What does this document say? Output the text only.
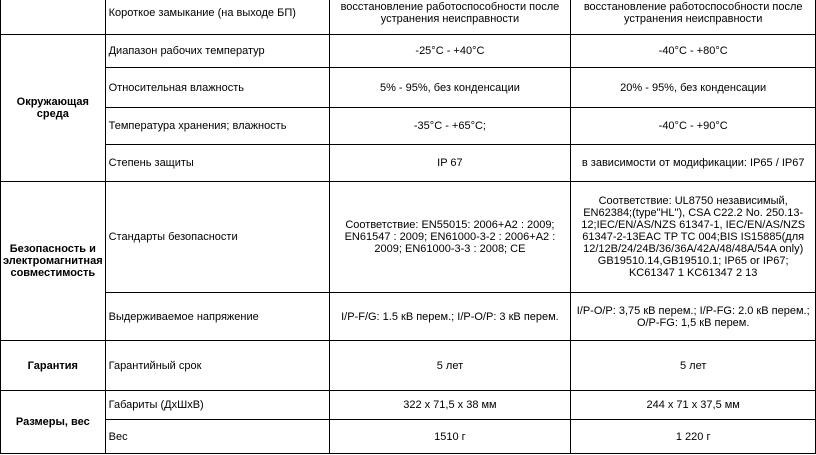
	Короткое замыкание (на выходе БП)	восстановление работоспособности после устранения неисправности	восстановление работоспособности после устранения неисправности
Окружающая среда	Диапазон рабочих температур	-25°C - +40°C	-40°C - +80°C
	Относительная влажность	5% - 95%, без конденсации	20% - 95%, без конденсации
	Температура хранения; влажность	-35°C - +65°C;	-40°C - +90°C
	Степень защиты	IP 67	в зависимости от модификации: IP65 / IP67
Безопасность и электромагнитная совместимость	Стандарты безопасности	Соответствие: EN55015: 2006+A2 : 2009; EN61547 : 2009; EN61000-3-2 : 2006+A2 : 2009; EN61000-3-3 : 2008; CE	Соответствие: UL8750 независимый, EN62384;(type"HL"), CSA C22.2 No. 250.13-12;IEC/EN/AS/NZS 61347-1, IEC/EN/AS/NZS 61347-2-13EAC TP TC 004;BIS IS15885(для 12/12B/24/24B/36/36A/42A/48/48A/54A only) GB19510.14,GB19510.1; IP65 or IP67; KC61347 1 KC61347 2 13
	Выдерживаемое напряжение	I/P-F/G: 1.5 кВ перем.; I/P-O/P: 3 кВ перем.	I/P-O/P: 3,75 кВ перем.; I/P-FG: 2.0 кВ перем.; O/P-FG: 1,5 кВ перем.
Гарантия	Гарантийный срок	5 лет	5 лет
Размеры, вес	Габариты (ДхШхВ)	322 х 71,5 х 38 мм	244 х 71 х 37,5 мм
	Вес	1510 г	1 220 г
